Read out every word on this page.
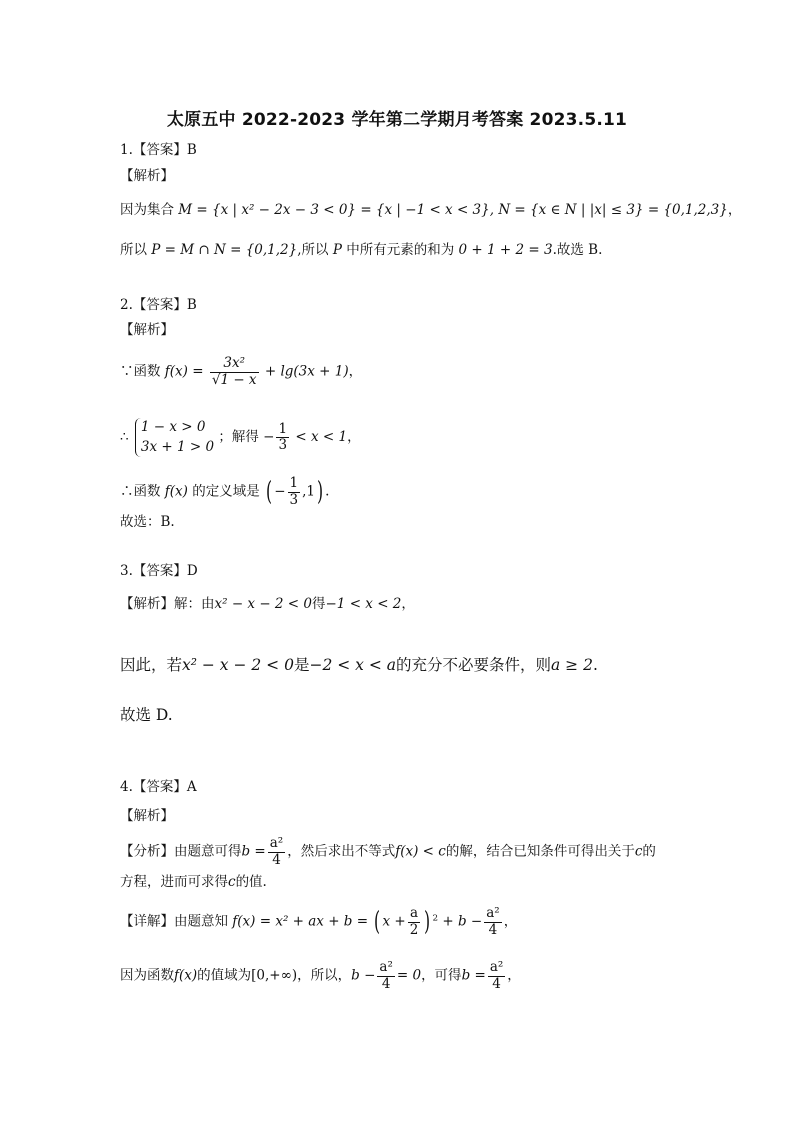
太原五中 2022-2023 学年第二学期月考答案 2023.5.11
1.【答案】B
【解析】
因为集合 M = {x | x² − 2x − 3 < 0} = {x | −1 < x < 3}, N = {x ∈ N | |x| ≤ 3} = {0,1,2,3}，
所以 P = M ∩ N = {0,1,2},所以 P 中所有元素的和为 0 + 1 + 2 = 3.故选 B.
2.【答案】B
【解析】
∵函数 $f(x) = \frac{\text{3x²}}{√1 - x} + \lg(3x + 1)$，
∴
1 − x > 0
3x + 1 > 0
；解得 − $\frac{1}{3} < x < 1$，
∴函数 f(x) 的定义域是 ( − $\frac{1}{3} ,1$) .
故选：B.
3.【答案】D
【解析】解：由x² − x − 2 < 0得−1 < x < 2，
因此，若x² − x − 2 < 0是−2 < x < a的充分不必要条件，则a ≥ 2.
故选 D.
4.【答案】A
【解析】
【分析】由题意可得$b = \frac{\text{a²}}{4}$ ，然后求出不等式f(x) < c的解，结合已知条件可得出关于c的
方程，进而可求得c的值.
【详解】由题意知 f(x) = x² + ax + b = ( $x + \frac{a}{2}$ ) $^2 + b - \frac{\text{a²}}{4}$ ，
因为函数f(x)的值域为[0,+∞)，所以，$b - \frac{\text{a²}}{4} = 0$，可得$b = \frac{\text{a²}}{4}$ ，
